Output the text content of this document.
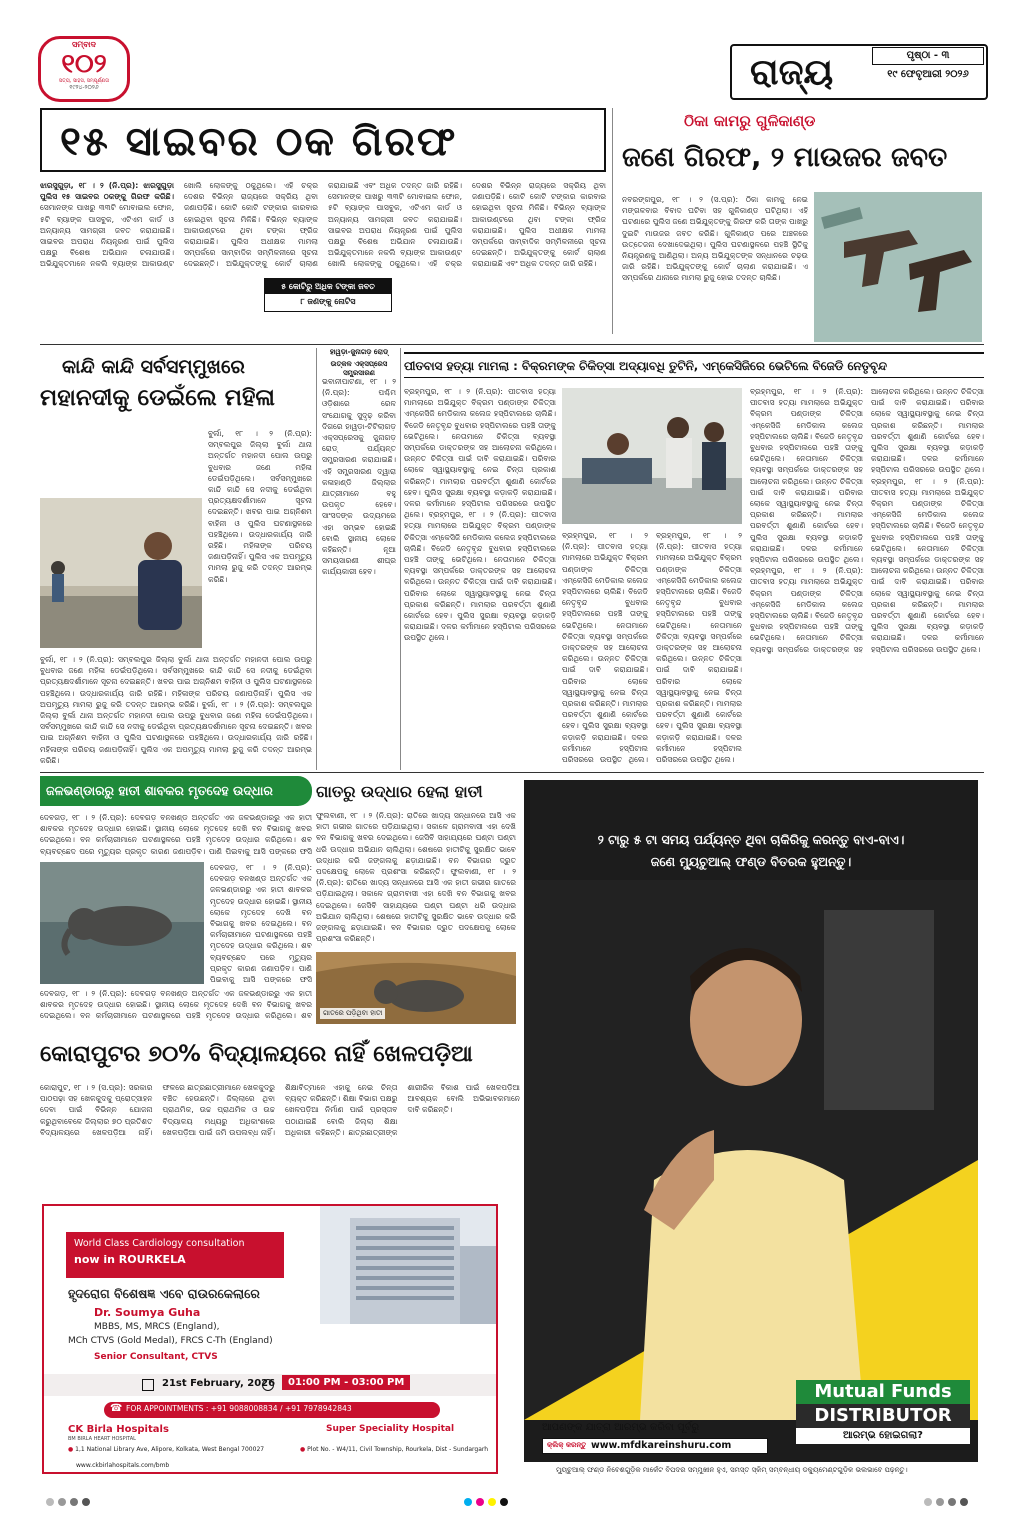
ସମ୍ବାଦ
୧୦୨
ସତ୍ୟ, ସାହସ, ସମ୍ପୂର୍ଣ୍ଣତା
୧୯୨୪-୨୦୨୬	ରାଜ୍ୟ	ପୃଷ୍ଠା - ୩
୧୯ ଫେବୃଆରୀ ୨୦୨୬
୧୫ ସାଇବର ଠକ ଗିରଫ
ଝାରସୁଗୁଡ଼ା, ୧୮ । ୨ (ନି.ପ୍ର): ଝାରସୁଗୁଡ଼ା ପୁଲିସ ୧୫ ସାଇବର ଠକଙ୍କୁ ଗିରଫ କରିଛି। ସେମାନଙ୍କ ପାଖରୁ ୩୩ଟି ମୋବାଇଲ ଫୋନ, ୫ଟି ବ୍ୟାଙ୍କ ପାସବୁକ, ଏଟିଏମ କାର୍ଡ ଓ ଅନ୍ୟାନ୍ୟ ସାମଗ୍ରୀ ଜବତ କରାଯାଇଛି। ସାଇବର ଅପରାଧ ନିୟନ୍ତ୍ରଣ ପାଇଁ ପୁଲିସ ପକ୍ଷରୁ ବିଶେଷ ଅଭିଯାନ ଚଳାଯାଉଛି। ଅଭିଯୁକ୍ତମାନେ ନକଲି ବ୍ୟାଙ୍କ ଆକାଉଣ୍ଟ ଖୋଲି ଲୋକଙ୍କୁ ଠକୁଥିଲେ। ଏହି ଚକ୍ର ଦେଶର ବିଭିନ୍ନ ରାଜ୍ୟରେ ସକ୍ରିୟ ଥିବା ଜଣାପଡ଼ିଛି। କୋଟି କୋଟି ଟଙ୍କାର କାରବାର ହୋଇଥିବା ସୂଚନା ମିଳିଛି। ବିଭିନ୍ନ ବ୍ୟାଙ୍କ ଆକାଉଣ୍ଟରେ ଥିବା ଟଙ୍କା ଫ୍ରିଜ କରାଯାଇଛି। ପୁଲିସ ଅଧୀକ୍ଷକ ମାମଲା ସମ୍ପର୍କରେ ସାମ୍ବାଦିକ ସମ୍ମିଳନୀରେ ସୂଚନା ଦେଇଛନ୍ତି। ଅଭିଯୁକ୍ତଙ୍କୁ କୋର୍ଟ ଚାଲାଣ କରାଯାଇଛି ଏବଂ ଅଧିକ ତଦନ୍ତ ଜାରି ରହିଛି। ସେମାନଙ୍କ ପାଖରୁ ୩୩ଟି ମୋବାଇଲ ଫୋନ, ୫ଟି ବ୍ୟାଙ୍କ ପାସବୁକ, ଏଟିଏମ କାର୍ଡ ଓ ଅନ୍ୟାନ୍ୟ ସାମଗ୍ରୀ ଜବତ କରାଯାଇଛି। ସାଇବର ଅପରାଧ ନିୟନ୍ତ୍ରଣ ପାଇଁ ପୁଲିସ ପକ୍ଷରୁ ବିଶେଷ ଅଭିଯାନ ଚଳାଯାଉଛି। ଅଭିଯୁକ୍ତମାନେ ନକଲି ବ୍ୟାଙ୍କ ଆକାଉଣ୍ଟ ଖୋଲି ଲୋକଙ୍କୁ ଠକୁଥିଲେ। ଏହି ଚକ୍ର ଦେଶର ବିଭିନ୍ନ ରାଜ୍ୟରେ ସକ୍ରିୟ ଥିବା ଜଣାପଡ଼ିଛି। କୋଟି କୋଟି ଟଙ୍କାର କାରବାର ହୋଇଥିବା ସୂଚନା ମିଳିଛି। ବିଭିନ୍ନ ବ୍ୟାଙ୍କ ଆକାଉଣ୍ଟରେ ଥିବା ଟଙ୍କା ଫ୍ରିଜ କରାଯାଇଛି। ପୁଲିସ ଅଧୀକ୍ଷକ ମାମଲା ସମ୍ପର୍କରେ ସାମ୍ବାଦିକ ସମ୍ମିଳନୀରେ ସୂଚନା ଦେଇଛନ୍ତି। ଅଭିଯୁକ୍ତଙ୍କୁ କୋର୍ଟ ଚାଲାଣ କରାଯାଇଛି ଏବଂ ଅଧିକ ତଦନ୍ତ ଜାରି ରହିଛି।
୫ କୋଟିରୁ ଅଧିକ ଟଙ୍କା ଜବତ
୮ ଜଣଙ୍କୁ ନୋଟିସ
ଠିକା କାମରୁ ଗୁଳିକାଣ୍ଡ
ଜଣେ ଗିରଫ, ୨ ମାଉଜର ଜବତ
ନବରଙ୍ଗପୁର, ୧୮ । ୨ (ସ.ପ୍ର): ଠିକା କାମକୁ ନେଇ ମଙ୍ଗଳବାର ବିବାଦ ଘଟିବା ସହ ଗୁଳିକାଣ୍ଡ ଘଟିଥିଲା। ଏହି ଘଟଣାରେ ପୁଲିସ ଜଣେ ଅଭିଯୁକ୍ତଙ୍କୁ ଗିରଫ କରି ତାଙ୍କ ପାଖରୁ ଦୁଇଟି ମାଉଜର ଜବତ କରିଛି। ଗୁଳିକାଣ୍ଡ ପରେ ଅଞ୍ଚଳରେ ଉତ୍ତେଜନା ଦେଖାଦେଇଥିଲା। ପୁଲିସ ଘଟଣାସ୍ଥଳରେ ପହଞ୍ଚି ସ୍ଥିତିକୁ ନିୟନ୍ତ୍ରଣକୁ ଆଣିଥିଲା। ଅନ୍ୟ ଅଭିଯୁକ୍ତଙ୍କ ସନ୍ଧାନରେ ଚଢ଼ଉ ଜାରି ରହିଛି। ଅଭିଯୁକ୍ତଙ୍କୁ କୋର୍ଟ ଚାଲାଣ କରାଯାଇଛି। ଏ ସମ୍ପର୍କରେ ଥାନାରେ ମାମଲା ରୁଜୁ ହୋଇ ତଦନ୍ତ ଚାଲିଛି।
କାନ୍ଦି କାନ୍ଦି ସର୍ବସମ୍ମୁଖରେ
ମହାନଦୀକୁ ଡେଇଁଲେ ମହିଳା
ବୁର୍ଲା, ୧୮ । ୨ (ନି.ପ୍ର): ସମ୍ବଲପୁର ଜିଲ୍ଲା ବୁର୍ଲା ଥାନା ଅନ୍ତର୍ଗତ ମହାନଦୀ ପୋଲ ଉପରୁ ବୁଧବାର ଜଣେ ମହିଳା ଡେଇଁପଡ଼ିଥିଲେ। ସର୍ବସମ୍ମୁଖରେ କାନ୍ଦି କାନ୍ଦି ସେ ନଦୀକୁ ଡେଇଁଥିବା ପ୍ରତ୍ୟକ୍ଷଦର୍ଶୀମାନେ ସୂଚନା ଦେଇଛନ୍ତି। ଖବର ପାଇ ଅଗ୍ନିଶମ ବାହିନୀ ଓ ପୁଲିସ ଘଟଣାସ୍ଥଳରେ ପହଞ୍ଚିଥିଲେ। ଉଦ୍ଧାରକାର୍ଯ୍ୟ ଜାରି ରହିଛି। ମହିଳାଙ୍କ ପରିଚୟ ଜଣାପଡ଼ିନାହିଁ। ପୁଲିସ ଏକ ଅପମୃତ୍ୟୁ ମାମଲା ରୁଜୁ କରି ତଦନ୍ତ ଆରମ୍ଭ କରିଛି।
ବୁର୍ଲା, ୧୮ । ୨ (ନି.ପ୍ର): ସମ୍ବଲପୁର ଜିଲ୍ଲା ବୁର୍ଲା ଥାନା ଅନ୍ତର୍ଗତ ମହାନଦୀ ପୋଲ ଉପରୁ ବୁଧବାର ଜଣେ ମହିଳା ଡେଇଁପଡ଼ିଥିଲେ। ସର୍ବସମ୍ମୁଖରେ କାନ୍ଦି କାନ୍ଦି ସେ ନଦୀକୁ ଡେଇଁଥିବା ପ୍ରତ୍ୟକ୍ଷଦର୍ଶୀମାନେ ସୂଚନା ଦେଇଛନ୍ତି। ଖବର ପାଇ ଅଗ୍ନିଶମ ବାହିନୀ ଓ ପୁଲିସ ଘଟଣାସ୍ଥଳରେ ପହଞ୍ଚିଥିଲେ। ଉଦ୍ଧାରକାର୍ଯ୍ୟ ଜାରି ରହିଛି। ମହିଳାଙ୍କ ପରିଚୟ ଜଣାପଡ଼ିନାହିଁ। ପୁଲିସ ଏକ ଅପମୃତ୍ୟୁ ମାମଲା ରୁଜୁ କରି ତଦନ୍ତ ଆରମ୍ଭ କରିଛି। ବୁର୍ଲା, ୧୮ । ୨ (ନି.ପ୍ର): ସମ୍ବଲପୁର ଜିଲ୍ଲା ବୁର୍ଲା ଥାନା ଅନ୍ତର୍ଗତ ମହାନଦୀ ପୋଲ ଉପରୁ ବୁଧବାର ଜଣେ ମହିଳା ଡେଇଁପଡ଼ିଥିଲେ। ସର୍ବସମ୍ମୁଖରେ କାନ୍ଦି କାନ୍ଦି ସେ ନଦୀକୁ ଡେଇଁଥିବା ପ୍ରତ୍ୟକ୍ଷଦର୍ଶୀମାନେ ସୂଚନା ଦେଇଛନ୍ତି। ଖବର ପାଇ ଅଗ୍ନିଶମ ବାହିନୀ ଓ ପୁଲିସ ଘଟଣାସ୍ଥଳରେ ପହଞ୍ଚିଥିଲେ। ଉଦ୍ଧାରକାର୍ଯ୍ୟ ଜାରି ରହିଛି। ମହିଳାଙ୍କ ପରିଚୟ ଜଣାପଡ଼ିନାହିଁ। ପୁଲିସ ଏକ ଅପମୃତ୍ୟୁ ମାମଲା ରୁଜୁ କରି ତଦନ୍ତ ଆରମ୍ଭ କରିଛି।
ହାୱଡ଼ା-ଜୁନାଗଡ଼ ରୋଡ୍
ଉତ୍କଳ ଏକ୍ସପ୍ରେସ ସମ୍ପ୍ରସାରଣ
ଭବାନୀପାଟଣା, ୧୮ । ୨ (ନି.ପ୍ର): ପଶ୍ଚିମ ଓଡ଼ିଶାରେ ରେଳ ସଂଯୋଗକୁ ସୁଦୃଢ଼ କରିବା ଦିଗରେ ହାୱଡ଼ା-ଟିଟିଲାଗଡ଼ ଏକ୍ସପ୍ରେସକୁ ଜୁନାଗଡ଼ ରୋଡ୍ ପର୍ଯ୍ୟନ୍ତ ସମ୍ପ୍ରସାରଣ କରାଯାଇଛି। ଏହି ସମ୍ପ୍ରସାରଣ ଦ୍ୱାରା କଳାହାଣ୍ଡି ଜିଲ୍ଲାର ଯାତ୍ରୀମାନେ ବହୁ ଉପକୃତ ହେବେ। ସାଂସଦଙ୍କ ଉଦ୍ୟମରେ ଏହା ସମ୍ଭବ ହୋଇଛି ବୋଲି ସ୍ଥାନୀୟ ଲୋକେ କହିଛନ୍ତି। ନୂଆ ସମୟସାରଣୀ ଶୀଘ୍ର କାର୍ଯ୍ୟକାରୀ ହେବ।
ପୀତବାସ ହତ୍ୟା ମାମଲା : ବିକ୍ରମଙ୍କ ଚିକିତ୍ସା ଅଦ୍ୟାବଧି ତୁଟିନି, ଏମ୍‌କେସିଜିରେ ଭେଟିଲେ ବିଜେଡି ନେତୃବୃନ୍ଦ
ବ୍ରହ୍ମପୁର, ୧୮ । ୨ (ନି.ପ୍ର): ପୀତବାସ ହତ୍ୟା ମାମଲାରେ ଅଭିଯୁକ୍ତ ବିକ୍ରମ ପଣ୍ଡାଙ୍କ ଚିକିତ୍ସା ଏମ୍‌କେସିଜି ମେଡିକାଲ କଲେଜ ହସ୍ପିଟାଲରେ ଚାଲିଛି। ବିଜେଡି ନେତୃବୃନ୍ଦ ବୁଧବାର ହସ୍ପିଟାଲରେ ପହଞ୍ଚି ତାଙ୍କୁ ଭେଟିଥିଲେ। ନେତାମାନେ ଚିକିତ୍ସା ବ୍ୟବସ୍ଥା ସମ୍ପର୍କରେ ଡାକ୍ତରଙ୍କ ସହ ଆଲୋଚନା କରିଥିଲେ। ଉନ୍ନତ ଚିକିତ୍ସା ପାଇଁ ଦାବି କରାଯାଇଛି। ପରିବାର ଲୋକେ ସ୍ୱାସ୍ଥ୍ୟାବସ୍ଥାକୁ ନେଇ ଚିନ୍ତା ପ୍ରକାଶ କରିଛନ୍ତି। ମାମଲାର ପରବର୍ତ୍ତୀ ଶୁଣାଣି କୋର୍ଟରେ ହେବ। ପୁଲିସ ସୁରକ୍ଷା ବ୍ୟବସ୍ଥା କଡ଼ାକଡ଼ି କରାଯାଇଛି। ଦଳର କର୍ମୀମାନେ ହସ୍ପିଟାଲ ପରିସରରେ ଉପସ୍ଥିତ ଥିଲେ। ବ୍ରହ୍ମପୁର, ୧୮ । ୨ (ନି.ପ୍ର): ପୀତବାସ ହତ୍ୟା ମାମଲାରେ ଅଭିଯୁକ୍ତ ବିକ୍ରମ ପଣ୍ଡାଙ୍କ ଚିକିତ୍ସା ଏମ୍‌କେସିଜି ମେଡିକାଲ କଲେଜ ହସ୍ପିଟାଲରେ ଚାଲିଛି। ବିଜେଡି ନେତୃବୃନ୍ଦ ବୁଧବାର ହସ୍ପିଟାଲରେ ପହଞ୍ଚି ତାଙ୍କୁ ଭେଟିଥିଲେ। ନେତାମାନେ ଚିକିତ୍ସା ବ୍ୟବସ୍ଥା ସମ୍ପର୍କରେ ଡାକ୍ତରଙ୍କ ସହ ଆଲୋଚନା କରିଥିଲେ। ଉନ୍ନତ ଚିକିତ୍ସା ପାଇଁ ଦାବି କରାଯାଇଛି। ପରିବାର ଲୋକେ ସ୍ୱାସ୍ଥ୍ୟାବସ୍ଥାକୁ ନେଇ ଚିନ୍ତା ପ୍ରକାଶ କରିଛନ୍ତି। ମାମଲାର ପରବର୍ତ୍ତୀ ଶୁଣାଣି କୋର୍ଟରେ ହେବ। ପୁଲିସ ସୁରକ୍ଷା ବ୍ୟବସ୍ଥା କଡ଼ାକଡ଼ି କରାଯାଇଛି। ଦଳର କର୍ମୀମାନେ ହସ୍ପିଟାଲ ପରିସରରେ ଉପସ୍ଥିତ ଥିଲେ।
ବ୍ରହ୍ମପୁର, ୧୮ । ୨ (ନି.ପ୍ର): ପୀତବାସ ହତ୍ୟା ମାମଲାରେ ଅଭିଯୁକ୍ତ ବିକ୍ରମ ପଣ୍ଡାଙ୍କ ଚିକିତ୍ସା ଏମ୍‌କେସିଜି ମେଡିକାଲ କଲେଜ ହସ୍ପିଟାଲରେ ଚାଲିଛି। ବିଜେଡି ନେତୃବୃନ୍ଦ ବୁଧବାର ହସ୍ପିଟାଲରେ ପହଞ୍ଚି ତାଙ୍କୁ ଭେଟିଥିଲେ। ନେତାମାନେ ଚିକିତ୍ସା ବ୍ୟବସ୍ଥା ସମ୍ପର୍କରେ ଡାକ୍ତରଙ୍କ ସହ ଆଲୋଚନା କରିଥିଲେ। ଉନ୍ନତ ଚିକିତ୍ସା ପାଇଁ ଦାବି କରାଯାଇଛି। ପରିବାର ଲୋକେ ସ୍ୱାସ୍ଥ୍ୟାବସ୍ଥାକୁ ନେଇ ଚିନ୍ତା ପ୍ରକାଶ କରିଛନ୍ତି। ମାମଲାର ପରବର୍ତ୍ତୀ ଶୁଣାଣି କୋର୍ଟରେ ହେବ। ପୁଲିସ ସୁରକ୍ଷା ବ୍ୟବସ୍ଥା କଡ଼ାକଡ଼ି କରାଯାଇଛି। ଦଳର କର୍ମୀମାନେ ହସ୍ପିଟାଲ ପରିସରରେ ଉପସ୍ଥିତ ଥିଲେ। ବ୍ରହ୍ମପୁର, ୧୮ । ୨ (ନି.ପ୍ର): ପୀତବାସ ହତ୍ୟା ମାମଲାରେ ଅଭିଯୁକ୍ତ ବିକ୍ରମ ପଣ୍ଡାଙ୍କ ଚିକିତ୍ସା ଏମ୍‌କେସିଜି ମେଡିକାଲ କଲେଜ ହସ୍ପିଟାଲରେ ଚାଲିଛି। ବିଜେଡି ନେତୃବୃନ୍ଦ ବୁଧବାର ହସ୍ପିଟାଲରେ ପହଞ୍ଚି ତାଙ୍କୁ ଭେଟିଥିଲେ। ନେତାମାନେ ଚିକିତ୍ସା ବ୍ୟବସ୍ଥା ସମ୍ପର୍କରେ ଡାକ୍ତରଙ୍କ ସହ ଆଲୋଚନା କରିଥିଲେ। ଉନ୍ନତ ଚିକିତ୍ସା ପାଇଁ ଦାବି କରାଯାଇଛି। ପରିବାର ଲୋକେ ସ୍ୱାସ୍ଥ୍ୟାବସ୍ଥାକୁ ନେଇ ଚିନ୍ତା ପ୍ରକାଶ କରିଛନ୍ତି। ମାମଲାର ପରବର୍ତ୍ତୀ ଶୁଣାଣି କୋର୍ଟରେ ହେବ। ପୁଲିସ ସୁରକ୍ଷା ବ୍ୟବସ୍ଥା କଡ଼ାକଡ଼ି କରାଯାଇଛି। ଦଳର କର୍ମୀମାନେ ହସ୍ପିଟାଲ ପରିସରରେ ଉପସ୍ଥିତ ଥିଲେ।
ବ୍ରହ୍ମପୁର, ୧୮ । ୨ (ନି.ପ୍ର): ପୀତବାସ ହତ୍ୟା ମାମଲାରେ ଅଭିଯୁକ୍ତ ବିକ୍ରମ ପଣ୍ଡାଙ୍କ ଚିକିତ୍ସା ଏମ୍‌କେସିଜି ମେଡିକାଲ କଲେଜ ହସ୍ପିଟାଲରେ ଚାଲିଛି। ବିଜେଡି ନେତୃବୃନ୍ଦ ବୁଧବାର ହସ୍ପିଟାଲରେ ପହଞ୍ଚି ତାଙ୍କୁ ଭେଟିଥିଲେ। ନେତାମାନେ ଚିକିତ୍ସା ବ୍ୟବସ୍ଥା ସମ୍ପର୍କରେ ଡାକ୍ତରଙ୍କ ସହ ଆଲୋଚନା କରିଥିଲେ। ଉନ୍ନତ ଚିକିତ୍ସା ପାଇଁ ଦାବି କରାଯାଇଛି। ପରିବାର ଲୋକେ ସ୍ୱାସ୍ଥ୍ୟାବସ୍ଥାକୁ ନେଇ ଚିନ୍ତା ପ୍ରକାଶ କରିଛନ୍ତି। ମାମଲାର ପରବର୍ତ୍ତୀ ଶୁଣାଣି କୋର୍ଟରେ ହେବ। ପୁଲିସ ସୁରକ୍ଷା ବ୍ୟବସ୍ଥା କଡ଼ାକଡ଼ି କରାଯାଇଛି। ଦଳର କର୍ମୀମାନେ ହସ୍ପିଟାଲ ପରିସରରେ ଉପସ୍ଥିତ ଥିଲେ। ବ୍ରହ୍ମପୁର, ୧୮ । ୨ (ନି.ପ୍ର): ପୀତବାସ ହତ୍ୟା ମାମଲାରେ ଅଭିଯୁକ୍ତ ବିକ୍ରମ ପଣ୍ଡାଙ୍କ ଚିକିତ୍ସା ଏମ୍‌କେସିଜି ମେଡିକାଲ କଲେଜ ହସ୍ପିଟାଲରେ ଚାଲିଛି। ବିଜେଡି ନେତୃବୃନ୍ଦ ବୁଧବାର ହସ୍ପିଟାଲରେ ପହଞ୍ଚି ତାଙ୍କୁ ଭେଟିଥିଲେ। ନେତାମାନେ ଚିକିତ୍ସା ବ୍ୟବସ୍ଥା ସମ୍ପର୍କରେ ଡାକ୍ତରଙ୍କ ସହ ଆଲୋଚନା କରିଥିଲେ। ଉନ୍ନତ ଚିକିତ୍ସା ପାଇଁ ଦାବି କରାଯାଇଛି। ପରିବାର ଲୋକେ ସ୍ୱାସ୍ଥ୍ୟାବସ୍ଥାକୁ ନେଇ ଚିନ୍ତା ପ୍ରକାଶ କରିଛନ୍ତି। ମାମଲାର ପରବର୍ତ୍ତୀ ଶୁଣାଣି କୋର୍ଟରେ ହେବ। ପୁଲିସ ସୁରକ୍ଷା ବ୍ୟବସ୍ଥା କଡ଼ାକଡ଼ି କରାଯାଇଛି। ଦଳର କର୍ମୀମାନେ ହସ୍ପିଟାଲ ପରିସରରେ ଉପସ୍ଥିତ ଥିଲେ। ବ୍ରହ୍ମପୁର, ୧୮ । ୨ (ନି.ପ୍ର): ପୀତବାସ ହତ୍ୟା ମାମଲାରେ ଅଭିଯୁକ୍ତ ବିକ୍ରମ ପଣ୍ଡାଙ୍କ ଚିକିତ୍ସା ଏମ୍‌କେସିଜି ମେଡିକାଲ କଲେଜ ହସ୍ପିଟାଲରେ ଚାଲିଛି। ବିଜେଡି ନେତୃବୃନ୍ଦ ବୁଧବାର ହସ୍ପିଟାଲରେ ପହଞ୍ଚି ତାଙ୍କୁ ଭେଟିଥିଲେ। ନେତାମାନେ ଚିକିତ୍ସା ବ୍ୟବସ୍ଥା ସମ୍ପର୍କରେ ଡାକ୍ତରଙ୍କ ସହ ଆଲୋଚନା କରିଥିଲେ। ଉନ୍ନତ ଚିକିତ୍ସା ପାଇଁ ଦାବି କରାଯାଇଛି। ପରିବାର ଲୋକେ ସ୍ୱାସ୍ଥ୍ୟାବସ୍ଥାକୁ ନେଇ ଚିନ୍ତା ପ୍ରକାଶ କରିଛନ୍ତି। ମାମଲାର ପରବର୍ତ୍ତୀ ଶୁଣାଣି କୋର୍ଟରେ ହେବ। ପୁଲିସ ସୁରକ୍ଷା ବ୍ୟବସ୍ଥା କଡ଼ାକଡ଼ି କରାଯାଇଛି। ଦଳର କର୍ମୀମାନେ ହସ୍ପିଟାଲ ପରିସରରେ ଉପସ୍ଥିତ ଥିଲେ।
ଜଳଭଣ୍ଡାରରୁ ହାତୀ ଶାବକର ମୃତଦେହ ଉଦ୍ଧାର
ଦେବଗଡ଼, ୧୮ । ୨ (ନି.ପ୍ର): ଦେବଗଡ଼ ବନଖଣ୍ଡ ଅନ୍ତର୍ଗତ ଏକ ଜଳଭଣ୍ଡାରରୁ ଏକ ହାତୀ ଶାବକର ମୃତଦେହ ଉଦ୍ଧାର ହୋଇଛି। ସ୍ଥାନୀୟ ଲୋକେ ମୃତଦେହ ଦେଖି ବନ ବିଭାଗକୁ ଖବର ଦେଇଥିଲେ। ବନ କର୍ମଚାରୀମାନେ ଘଟଣାସ୍ଥଳରେ ପହଞ୍ଚି ମୃତଦେହ ଉଦ୍ଧାର କରିଥିଲେ। ଶବ ବ୍ୟବଚ୍ଛେଦ ପରେ ମୃତ୍ୟୁର ପ୍ରକୃତ କାରଣ ଜଣାପଡ଼ିବ। ପାଣି ପିଇବାକୁ ଆସି ପଙ୍କରେ ଫସି
ଦେବଗଡ଼, ୧୮ । ୨ (ନି.ପ୍ର): ଦେବଗଡ଼ ବନଖଣ୍ଡ ଅନ୍ତର୍ଗତ ଏକ ଜଳଭଣ୍ଡାରରୁ ଏକ ହାତୀ ଶାବକର ମୃତଦେହ ଉଦ୍ଧାର ହୋଇଛି। ସ୍ଥାନୀୟ ଲୋକେ ମୃତଦେହ ଦେଖି ବନ ବିଭାଗକୁ ଖବର ଦେଇଥିଲେ। ବନ କର୍ମଚାରୀମାନେ ଘଟଣାସ୍ଥଳରେ ପହଞ୍ଚି ମୃତଦେହ ଉଦ୍ଧାର କରିଥିଲେ। ଶବ ବ୍ୟବଚ୍ଛେଦ ପରେ ମୃତ୍ୟୁର ପ୍ରକୃତ କାରଣ ଜଣାପଡ଼ିବ। ପାଣି ପିଇବାକୁ ଆସି ପଙ୍କରେ ଫସି
ଦେବଗଡ଼, ୧୮ । ୨ (ନି.ପ୍ର): ଦେବଗଡ଼ ବନଖଣ୍ଡ ଅନ୍ତର୍ଗତ ଏକ ଜଳଭଣ୍ଡାରରୁ ଏକ ହାତୀ ଶାବକର ମୃତଦେହ ଉଦ୍ଧାର ହୋଇଛି। ସ୍ଥାନୀୟ ଲୋକେ ମୃତଦେହ ଦେଖି ବନ ବିଭାଗକୁ ଖବର ଦେଇଥିଲେ। ବନ କର୍ମଚାରୀମାନେ ଘଟଣାସ୍ଥଳରେ ପହଞ୍ଚି ମୃତଦେହ ଉଦ୍ଧାର କରିଥିଲେ। ଶବ
ଗାତରୁ ଉଦ୍ଧାର ହେଲା ହାତୀ
ଫୁଲବାଣୀ, ୧୮ । ୨ (ନି.ପ୍ର): ରାତିରେ ଖାଦ୍ୟ ସନ୍ଧାନରେ ଆସି ଏକ ହାତୀ ଗଭୀର ଗାତରେ ପଡ଼ିଯାଇଥିଲା। ସକାଳେ ଗ୍ରାମବାସୀ ଏହା ଦେଖି ବନ ବିଭାଗକୁ ଖବର ଦେଇଥିଲେ। ଜେସିବି ସାହାଯ୍ୟରେ ଘଣ୍ଟା ଘଣ୍ଟା ଧରି ଉଦ୍ଧାର ଅଭିଯାନ ଚାଲିଥିଲା। ଶେଷରେ ହାତୀଟିକୁ ସୁରକ୍ଷିତ ଭାବେ ଉଦ୍ଧାର କରି ଜଙ୍ଗଲକୁ ଛଡ଼ାଯାଇଛି। ବନ ବିଭାଗର ଦ୍ରୁତ ପଦକ୍ଷେପକୁ ଲୋକେ ପ୍ରଶଂସା କରିଛନ୍ତି। ଫୁଲବାଣୀ, ୧୮ । ୨ (ନି.ପ୍ର): ରାତିରେ ଖାଦ୍ୟ ସନ୍ଧାନରେ ଆସି ଏକ ହାତୀ ଗଭୀର ଗାତରେ ପଡ଼ିଯାଇଥିଲା। ସକାଳେ ଗ୍ରାମବାସୀ ଏହା ଦେଖି ବନ ବିଭାଗକୁ ଖବର ଦେଇଥିଲେ। ଜେସିବି ସାହାଯ୍ୟରେ ଘଣ୍ଟା ଘଣ୍ଟା ଧରି ଉଦ୍ଧାର ଅଭିଯାନ ଚାଲିଥିଲା। ଶେଷରେ ହାତୀଟିକୁ ସୁରକ୍ଷିତ ଭାବେ ଉଦ୍ଧାର କରି ଜଙ୍ଗଲକୁ ଛଡ଼ାଯାଇଛି। ବନ ବିଭାଗର ଦ୍ରୁତ ପଦକ୍ଷେପକୁ ଲୋକେ ପ୍ରଶଂସା କରିଛନ୍ତି।
ଗାତରେ ପଡ଼ିଥିବା ହାତୀ
କୋରାପୁଟର ୭୦% ବିଦ୍ୟାଳୟରେ ନାହିଁ ଖେଳପଡ଼ିଆ
କୋରାପୁଟ, ୧୮ । ୨ (ସ.ପ୍ର): ସରକାର ପାଠପଢ଼ା ସହ ଖେଳକୁଦକୁ ପ୍ରୋତ୍ସାହନ ଦେବା ପାଇଁ ବିଭିନ୍ନ ଯୋଜନା କରୁଥିବାବେଳେ ଜିଲ୍ଲାର ୭୦ ପ୍ରତିଶତ ବିଦ୍ୟାଳୟରେ ଖେଳପଡ଼ିଆ ନାହିଁ। ଫଳରେ ଛାତ୍ରଛାତ୍ରୀମାନେ ଖେଳକୁଦରୁ ବଞ୍ଚିତ ହେଉଛନ୍ତି। ଜିଲ୍ଲାରେ ଥିବା ପ୍ରାଥମିକ, ଉଚ୍ଚ ପ୍ରାଥମିକ ଓ ଉଚ୍ଚ ବିଦ୍ୟାଳୟ ମଧ୍ୟରୁ ଅଧିକାଂଶରେ ଖେଳପଡ଼ିଆ ପାଇଁ ଜମି ଉପଲବ୍ଧ ନାହିଁ। ଶିକ୍ଷାବିତ୍‌ମାନେ ଏହାକୁ ନେଇ ଚିନ୍ତା ବ୍ୟକ୍ତ କରିଛନ୍ତି। ଶିକ୍ଷା ବିଭାଗ ପକ୍ଷରୁ ଖେଳପଡ଼ିଆ ନିର୍ମାଣ ପାଇଁ ପ୍ରସ୍ତାବ ପଠାଯାଇଛି ବୋଲି ଜିଲ୍ଲା ଶିକ୍ଷା ଅଧିକାରୀ କହିଛନ୍ତି। ଛାତ୍ରଛାତ୍ରୀଙ୍କ ଶାରୀରିକ ବିକାଶ ପାଇଁ ଖେଳପଡ଼ିଆ ଆବଶ୍ୟକ ବୋଲି ଅଭିଭାବକମାନେ ଦାବି କରିଛନ୍ତି।
World Class Cardiology consultation
now in ROURKELA
ହୃଦରୋଗ ବିଶେଷଜ୍ଞ ଏବେ ରାଉରକେଲାରେ
Dr. Soumya Guha
MBBS, MS, MRCS (England),
MCh CTVS (Gold Medal), FRCS C-Th (England)
Senior Consultant, CTVS
21st February, 2026	01:00 PM - 03:00 PM
☎ FOR APPOINTMENTS : +91 9088008834 / +91 7978942843
CK Birla Hospitals
BM BIRLA HEART HOSPITAL
Super Speciality Hospital
● 1,1 National Library Ave, Alipore, Kolkata, West Bengal 700027	● Plot No. - W4/11, Civil Township, Rourkela, Dist - Sundargarh
www.ckbirlahospitals.com/bmb
୨ ଟାରୁ ୫ ଟା ସମୟ ପର୍ଯ୍ୟନ୍ତ ଥିବା ଚାକିରିକୁ କରନ୍ତୁ ବାଏ-ବାଏ।
ଜଣେ ମ୍ୟୁଚୁଆଲ୍ ଫଣ୍ଡ ବିତରକ ହୁଅନ୍ତୁ।
Mutual Funds
DISTRIBUTOR
ଆରମ୍ଭ ହୋଇଗଲା?
ଆପଣଙ୍କ ଯାତ୍ରା ଆରମ୍ଭ କରିବା ପୂର୍ବରୁ
କ୍ଲିକ୍ କରନ୍ତୁ www.mfdkareinshuru.com
ମ୍ୟୁଚୁଆଲ୍ ଫଣ୍ଡ ନିବେଶଗୁଡ଼ିକ ମାର୍କେଟ ବିପଦର ସମ୍ମୁଖୀନ ହୁଏ, ସମସ୍ତ ସ୍କିମ୍ ସମ୍ବନ୍ଧୀୟ ଡକ୍ୟୁମେଣ୍ଟଗୁଡ଼ିକ ଭଲଭାବେ ପଢ଼ନ୍ତୁ।
